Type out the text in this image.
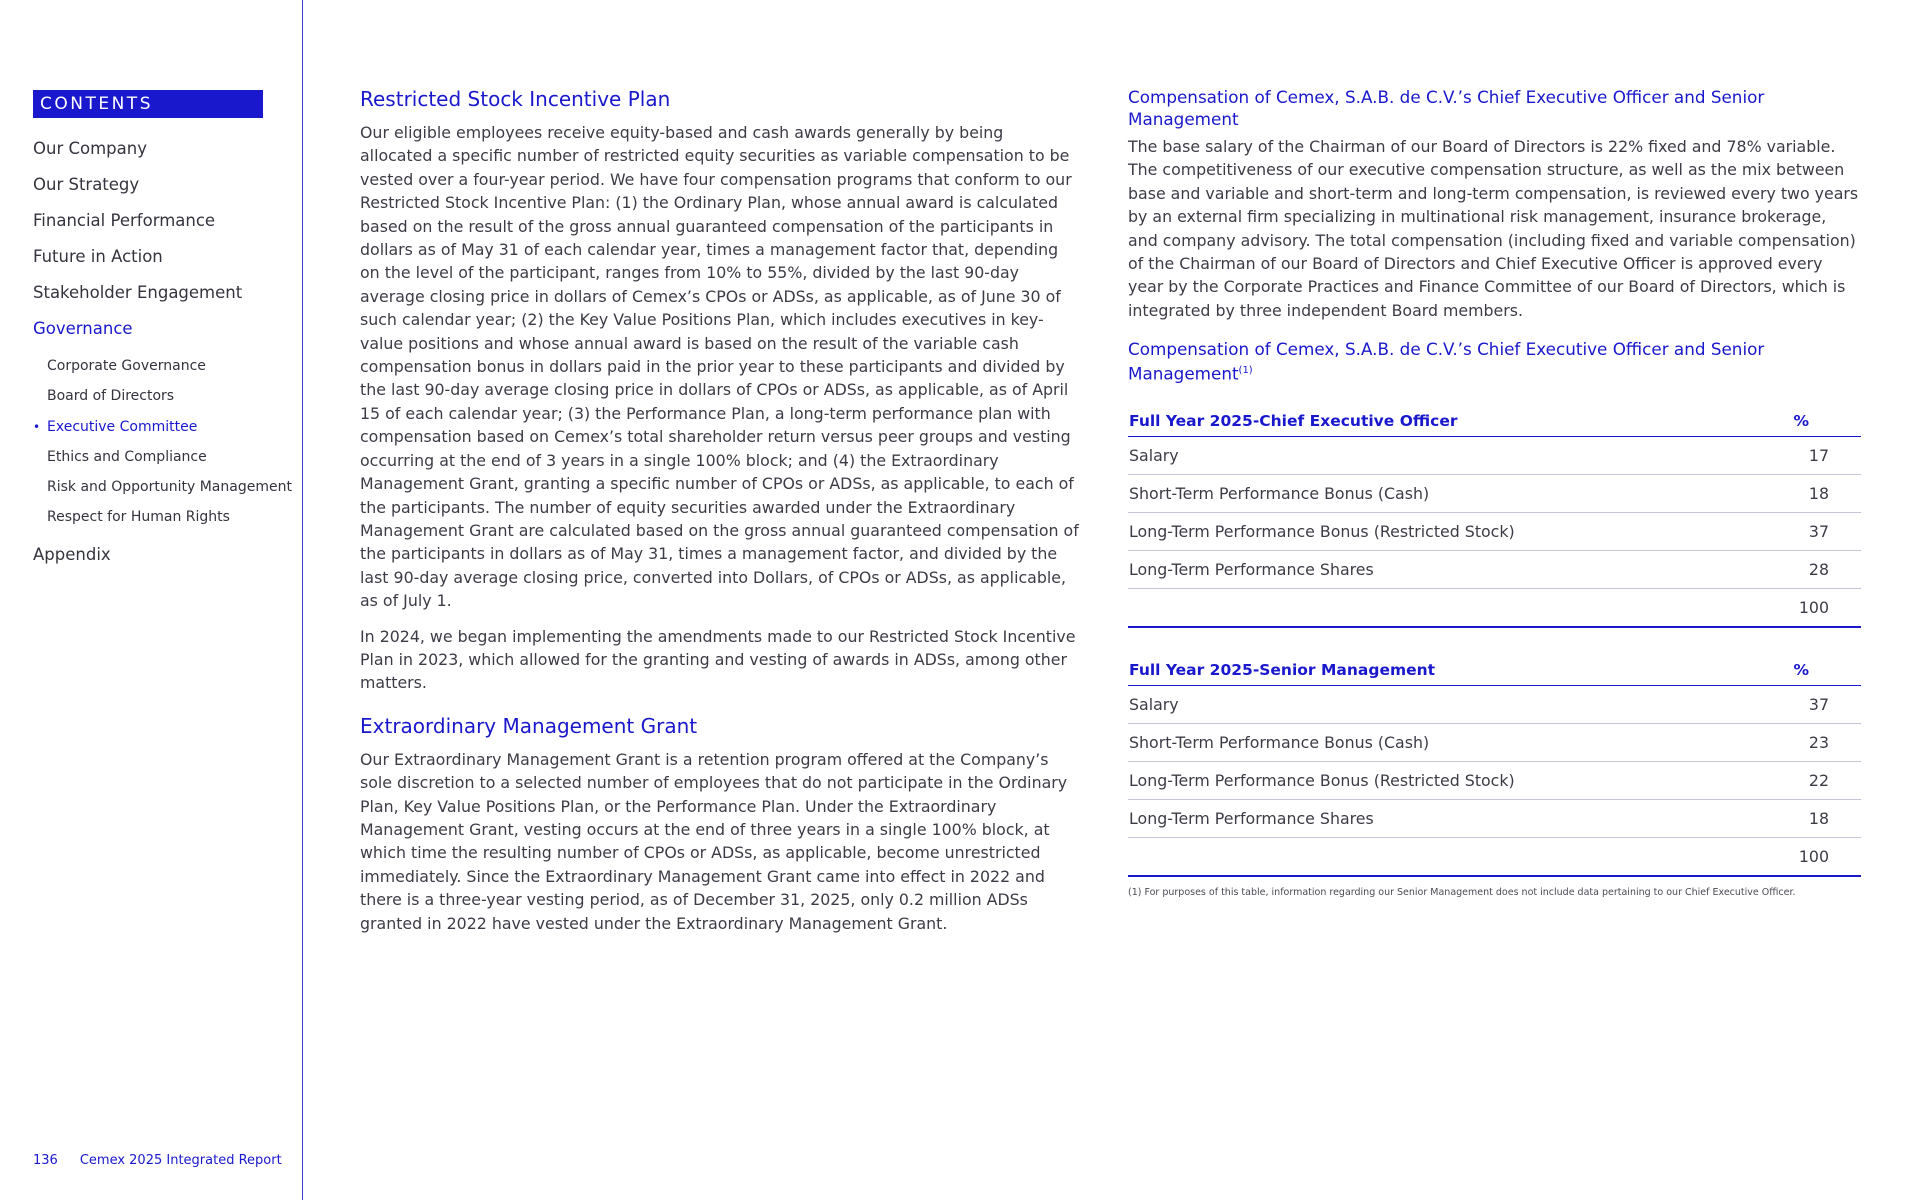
CONTENTS
Our Company
Our Strategy
Financial Performance
Future in Action
Stakeholder Engagement
Governance
Corporate Governance
Board of Directors
• Executive Committee
Ethics and Compliance
Risk and Opportunity Management
Respect for Human Rights
Appendix
136 Cemex 2025 Integrated Report
Restricted Stock Incentive Plan

Our eligible employees receive equity-based and cash awards generally by being allocated a specific number of restricted equity securities as variable compensation to be vested over a four-year period. We have four compensation programs that conform to our Restricted Stock Incentive Plan: (1) the Ordinary Plan, whose annual award is calculated based on the result of the gross annual guaranteed compensation of the participants in dollars as of May 31 of each calendar year, times a management factor that, depending on the level of the participant, ranges from 10% to 55%, divided by the last 90-day average closing price in dollars of Cemex’s CPOs or ADSs, as applicable, as of June 30 of such calendar year; (2) the Key Value Positions Plan, which includes executives in key-value positions and whose annual award is based on the result of the variable cash compensation bonus in dollars paid in the prior year to these participants and divided by the last 90-day average closing price in dollars of CPOs or ADSs, as applicable, as of April 15 of each calendar year; (3) the Performance Plan, a long-term performance plan with compensation based on Cemex’s total shareholder return versus peer groups and vesting occurring at the end of 3 years in a single 100% block; and (4) the Extraordinary Management Grant, granting a specific number of CPOs or ADSs, as applicable, to each of the participants. The number of equity securities awarded under the Extraordinary Management Grant are calculated based on the gross annual guaranteed compensation of the participants in dollars as of May 31, times a management factor, and divided by the last 90-day average closing price, converted into Dollars, of CPOs or ADSs, as applicable, as of July 1.

In 2024, we began implementing the amendments made to our Restricted Stock Incentive Plan in 2023, which allowed for the granting and vesting of awards in ADSs, among other matters.

Extraordinary Management Grant

Our Extraordinary Management Grant is a retention program offered at the Company’s sole discretion to a selected number of employees that do not participate in the Ordinary Plan, Key Value Positions Plan, or the Performance Plan. Under the Extraordinary Management Grant, vesting occurs at the end of three years in a single 100% block, at which time the resulting number of CPOs or ADSs, as applicable, become unrestricted immediately. Since the Extraordinary Management Grant came into effect in 2022 and there is a three-year vesting period, as of December 31, 2025, only 0.2 million ADSs granted in 2022 have vested under the Extraordinary Management Grant.

Compensation of Cemex, S.A.B. de C.V.’s Chief Executive Officer and Senior Management

The base salary of the Chairman of our Board of Directors is 22% fixed and 78% variable. The competitiveness of our executive compensation structure, as well as the mix between base and variable and short-term and long-term compensation, is reviewed every two years by an external firm specializing in multinational risk management, insurance brokerage, and company advisory. The total compensation (including fixed and variable compensation) of the Chairman of our Board of Directors and Chief Executive Officer is approved every year by the Corporate Practices and Finance Committee of our Board of Directors, which is integrated by three independent Board members.

Compensation of Cemex, S.A.B. de C.V.’s Chief Executive Officer and Senior Management$^{(1)}$
Full Year 2025-Chief Executive Officer	%
Salary	17
Short-Term Performance Bonus (Cash)	18
Long-Term Performance Bonus (Restricted Stock)	37
Long-Term Performance Shares	28
	100
Full Year 2025-Senior Management	%
Salary	37
Short-Term Performance Bonus (Cash)	23
Long-Term Performance Bonus (Restricted Stock)	22
Long-Term Performance Shares	18
	100
(1) For purposes of this table, information regarding our Senior Management does not include data pertaining to our Chief Executive Officer.
